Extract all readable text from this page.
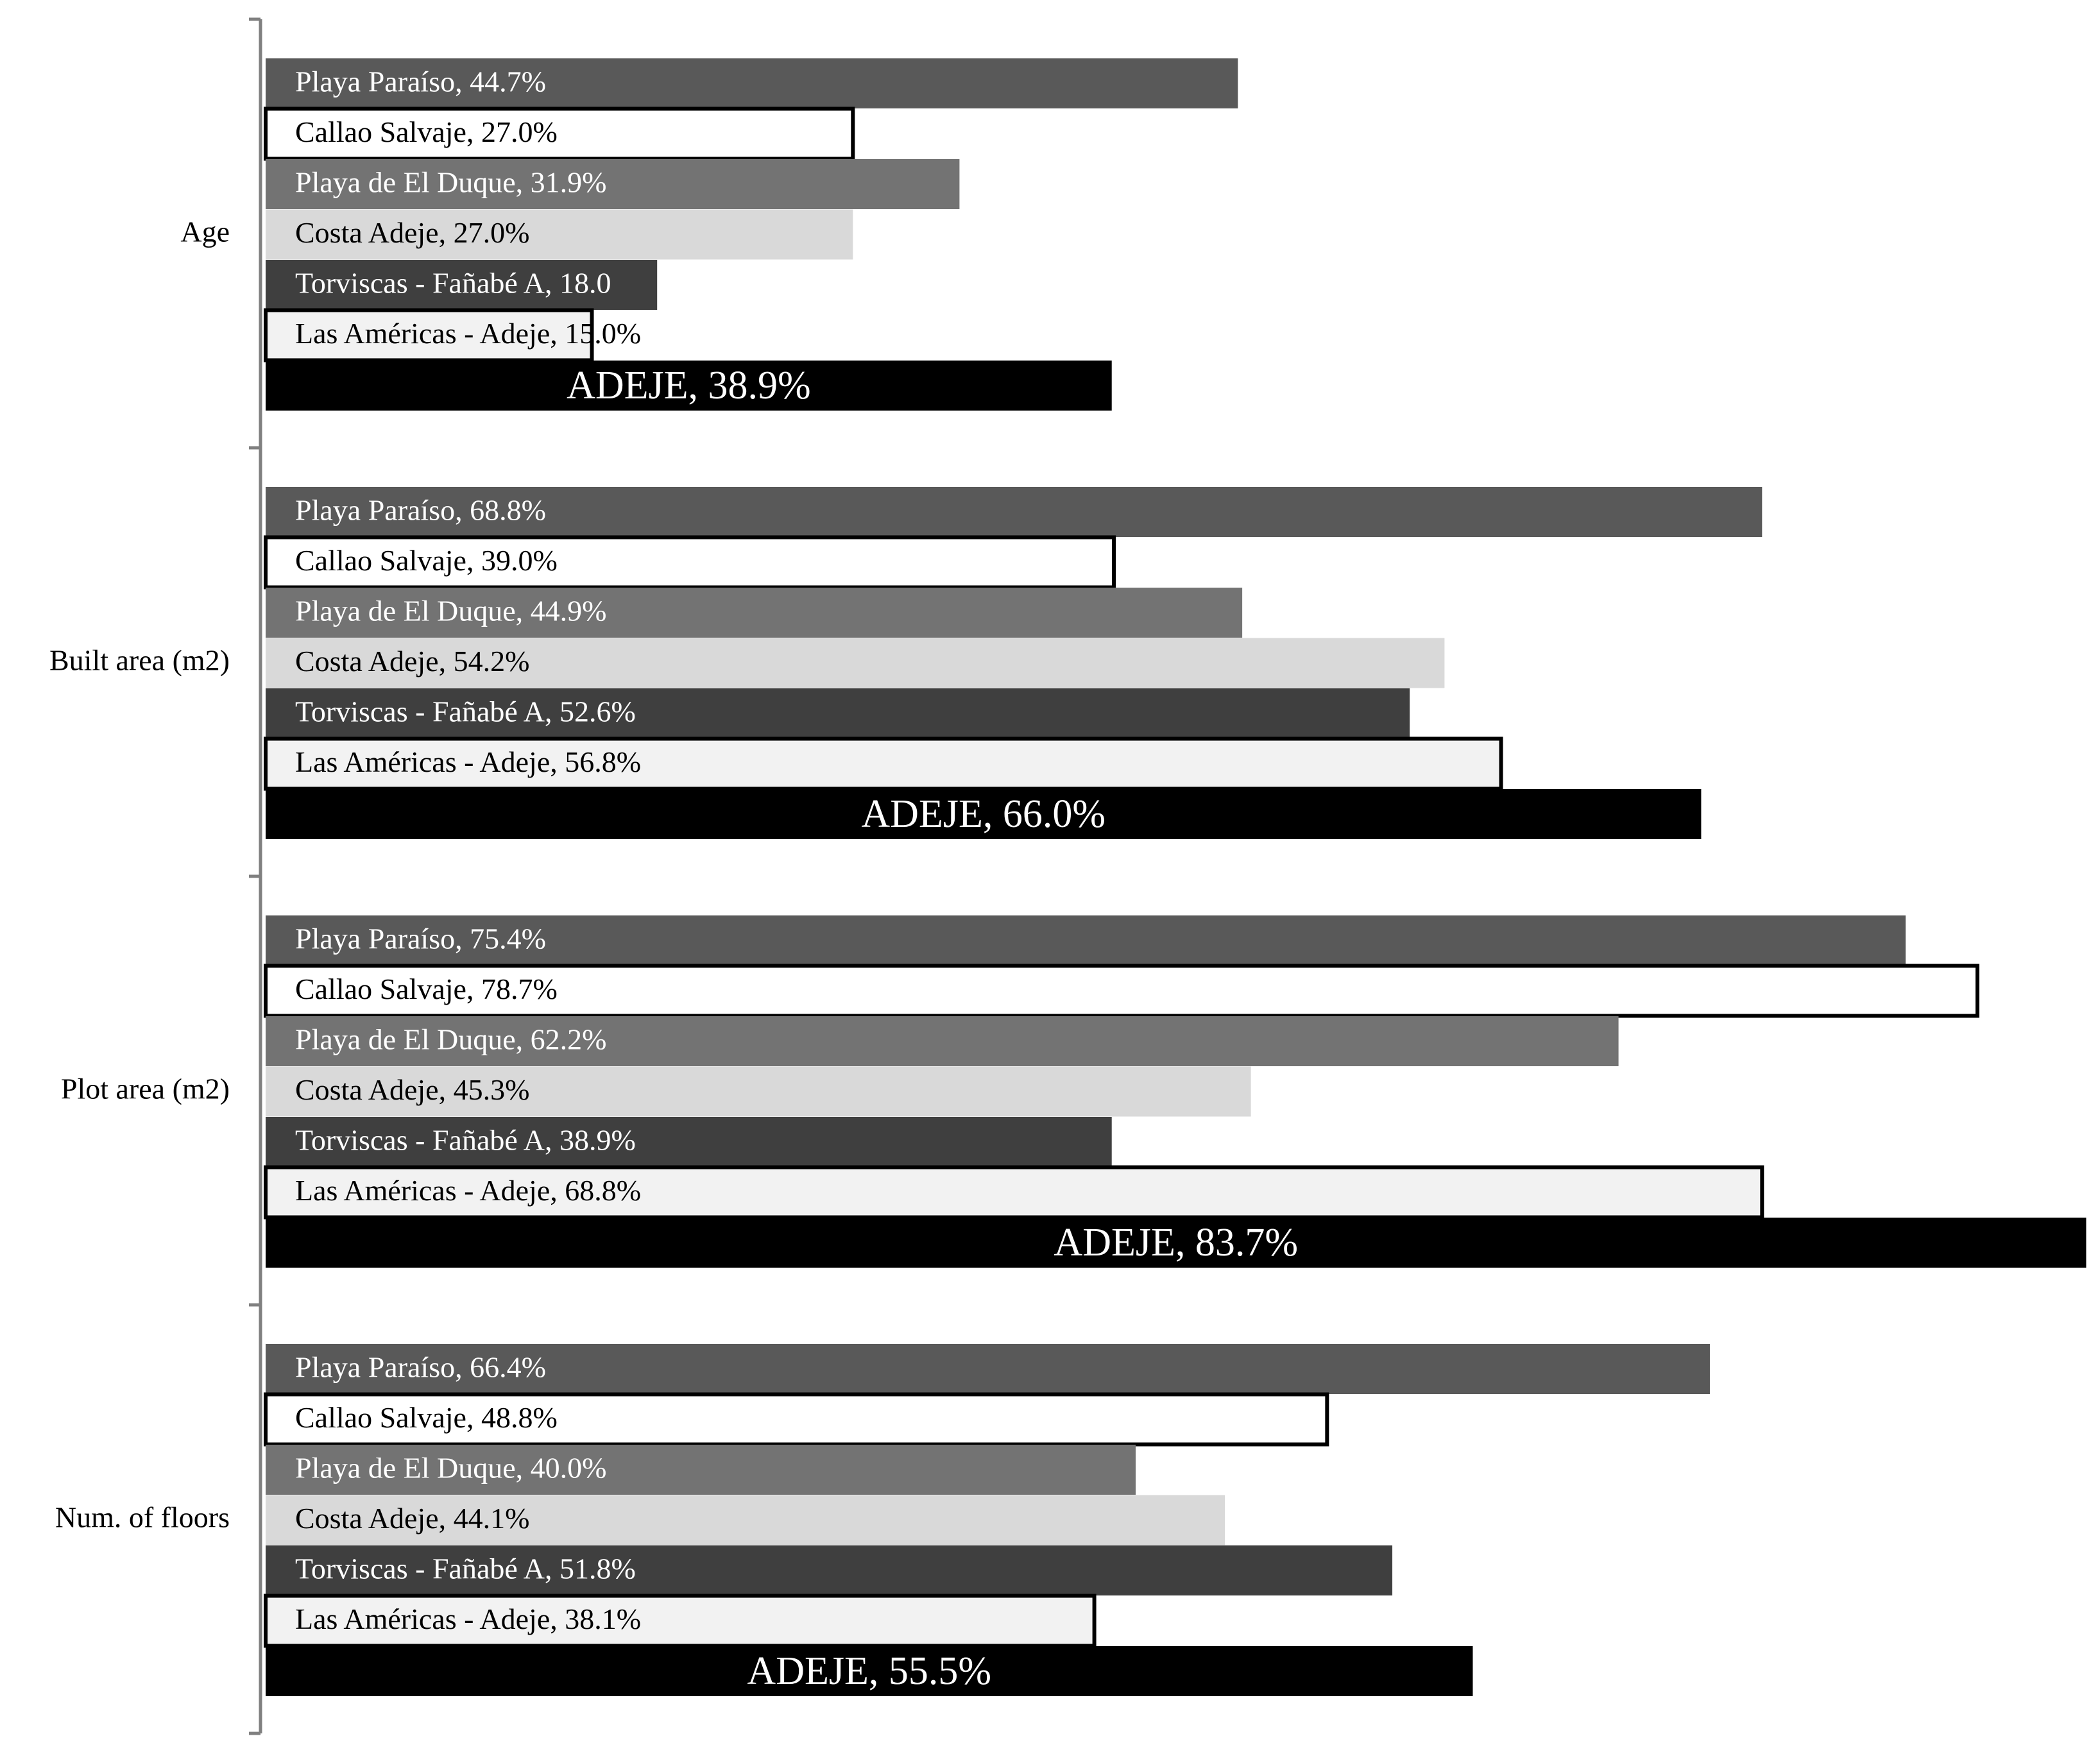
Playa Paraíso, 44.7%
Callao Salvaje, 27.0%
Playa de El Duque, 31.9%
Costa Adeje, 27.0%
Torviscas - Fañabé A, 18.0
Las Américas - Adeje, 15.0%
ADEJE, 38.9%
Playa Paraíso, 68.8%
Callao Salvaje, 39.0%
Playa de El Duque, 44.9%
Costa Adeje, 54.2%
Torviscas - Fañabé A, 52.6%
Las Américas - Adeje, 56.8%
ADEJE, 66.0%
Playa Paraíso, 75.4%
Callao Salvaje, 78.7%
Playa de El Duque, 62.2%
Costa Adeje, 45.3%
Torviscas - Fañabé A, 38.9%
Las Américas - Adeje, 68.8%
ADEJE, 83.7%
Playa Paraíso, 66.4%
Callao Salvaje, 48.8%
Playa de El Duque, 40.0%
Costa Adeje, 44.1%
Torviscas - Fañabé A, 51.8%
Las Américas - Adeje, 38.1%
ADEJE, 55.5%
Age
Built area (m2)
Plot area (m2)
Num. of floors
